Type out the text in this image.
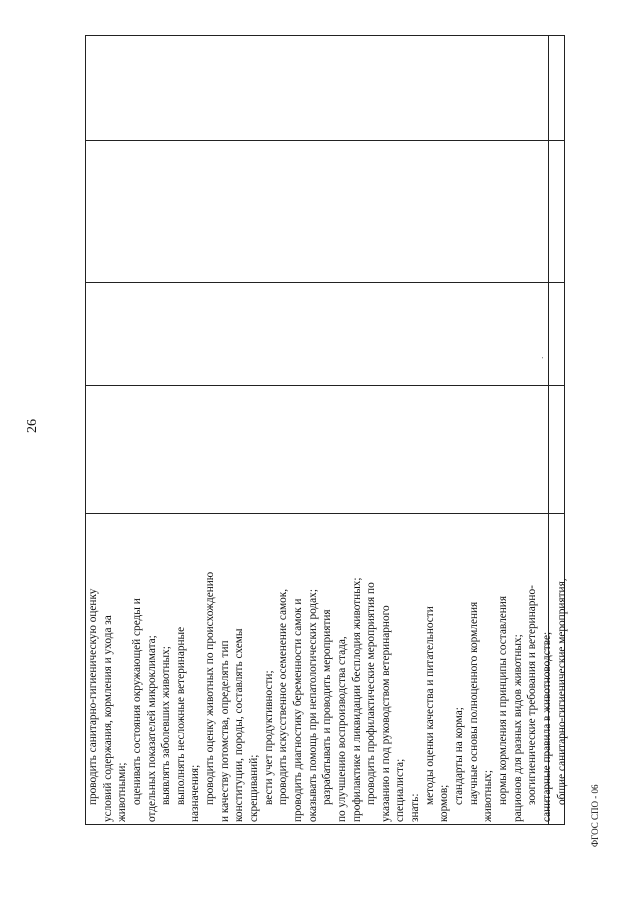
26
проводить санитарно-гигиеническую оценку условий содержания, кормления и ухода за животными; оценивать состояния окружающей среды и отдельных показателей микроклимата; выявлять заболевших животных; выполнять несложные ветеринарные назначения; проводить оценку животных по происхождению и качеству потомства, определять тип конституции, породы, составлять схемы скрещиваний; вести учет продуктивности; проводить искусственное осеменение самок, проводить диагностику беременности самок и оказывать помощь при непатологических родах; разрабатывать и проводить мероприятия по улучшению воспроизводства стада, профилактике и ликвидации бесплодия животных; проводить профилактические мероприятия по указанию и под руководством ветеринарного специалиста; знать: методы оценки качества и питательности кормов; стандарты на корма; научные основы полноценного кормления животных; нормы кормления и принципы составления рационов для разных видов животных; зоогигиенические требования и ветеринарно- санитарные правила в животноводстве; общие санитарно-гигиенические мероприятия,
·
ФГОС СПО - 06
